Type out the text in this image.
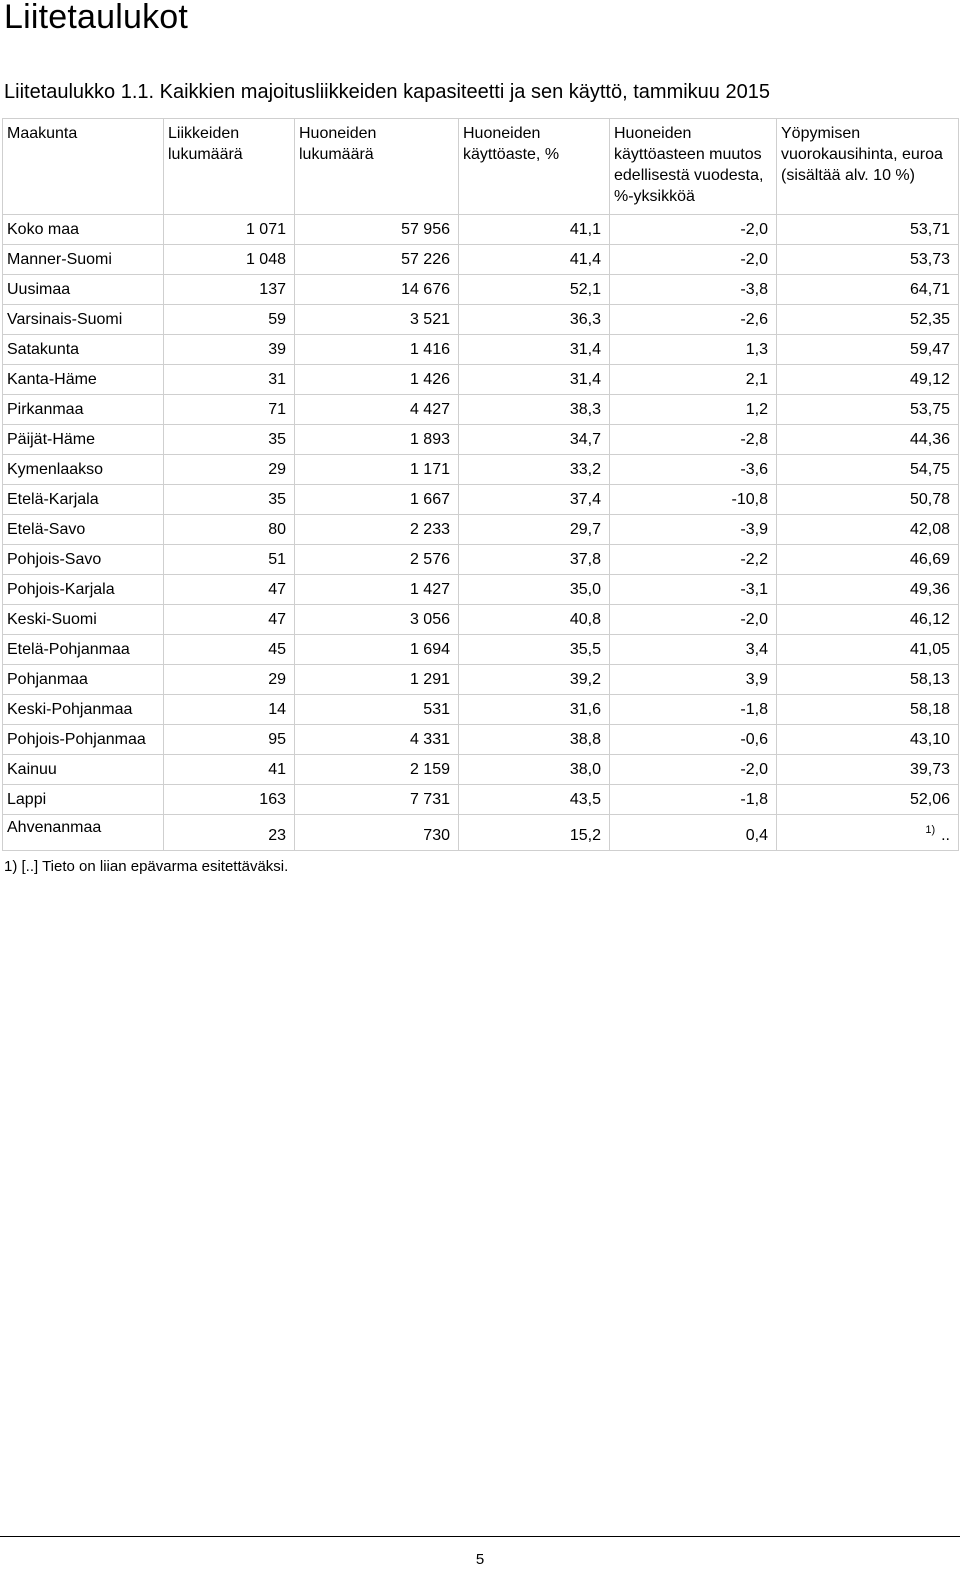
Liitetaulukot
Liitetaulukko 1.1. Kaikkien majoitusliikkeiden kapasiteetti ja sen käyttö, tammikuu 2015
Maakunta	Liikkeiden lukumäärä	Huoneiden lukumäärä	Huoneiden käyttöaste, %	Huoneiden käyttöasteen muutos edellisestä vuodesta, %-yksikköä	Yöpymisen vuorokausihinta, euroa (sisältää alv. 10 %)
Koko maa	1 071	57 956	41,1	-2,0	53,71
Manner-Suomi	1 048	57 226	41,4	-2,0	53,73
Uusimaa	137	14 676	52,1	-3,8	64,71
Varsinais-Suomi	59	3 521	36,3	-2,6	52,35
Satakunta	39	1 416	31,4	1,3	59,47
Kanta-Häme	31	1 426	31,4	2,1	49,12
Pirkanmaa	71	4 427	38,3	1,2	53,75
Päijät-Häme	35	1 893	34,7	-2,8	44,36
Kymenlaakso	29	1 171	33,2	-3,6	54,75
Etelä-Karjala	35	1 667	37,4	-10,8	50,78
Etelä-Savo	80	2 233	29,7	-3,9	42,08
Pohjois-Savo	51	2 576	37,8	-2,2	46,69
Pohjois-Karjala	47	1 427	35,0	-3,1	49,36
Keski-Suomi	47	3 056	40,8	-2,0	46,12
Etelä-Pohjanmaa	45	1 694	35,5	3,4	41,05
Pohjanmaa	29	1 291	39,2	3,9	58,13
Keski-Pohjanmaa	14	531	31,6	-1,8	58,18
Pohjois-Pohjanmaa	95	4 331	38,8	-0,6	43,10
Kainuu	41	2 159	38,0	-2,0	39,73
Lappi	163	7 731	43,5	-1,8	52,06
Ahvenanmaa	23	730	15,2	0,4	$^{1)}$ ..

1) [..] Tieto on liian epävarma esitettäväksi.

5
